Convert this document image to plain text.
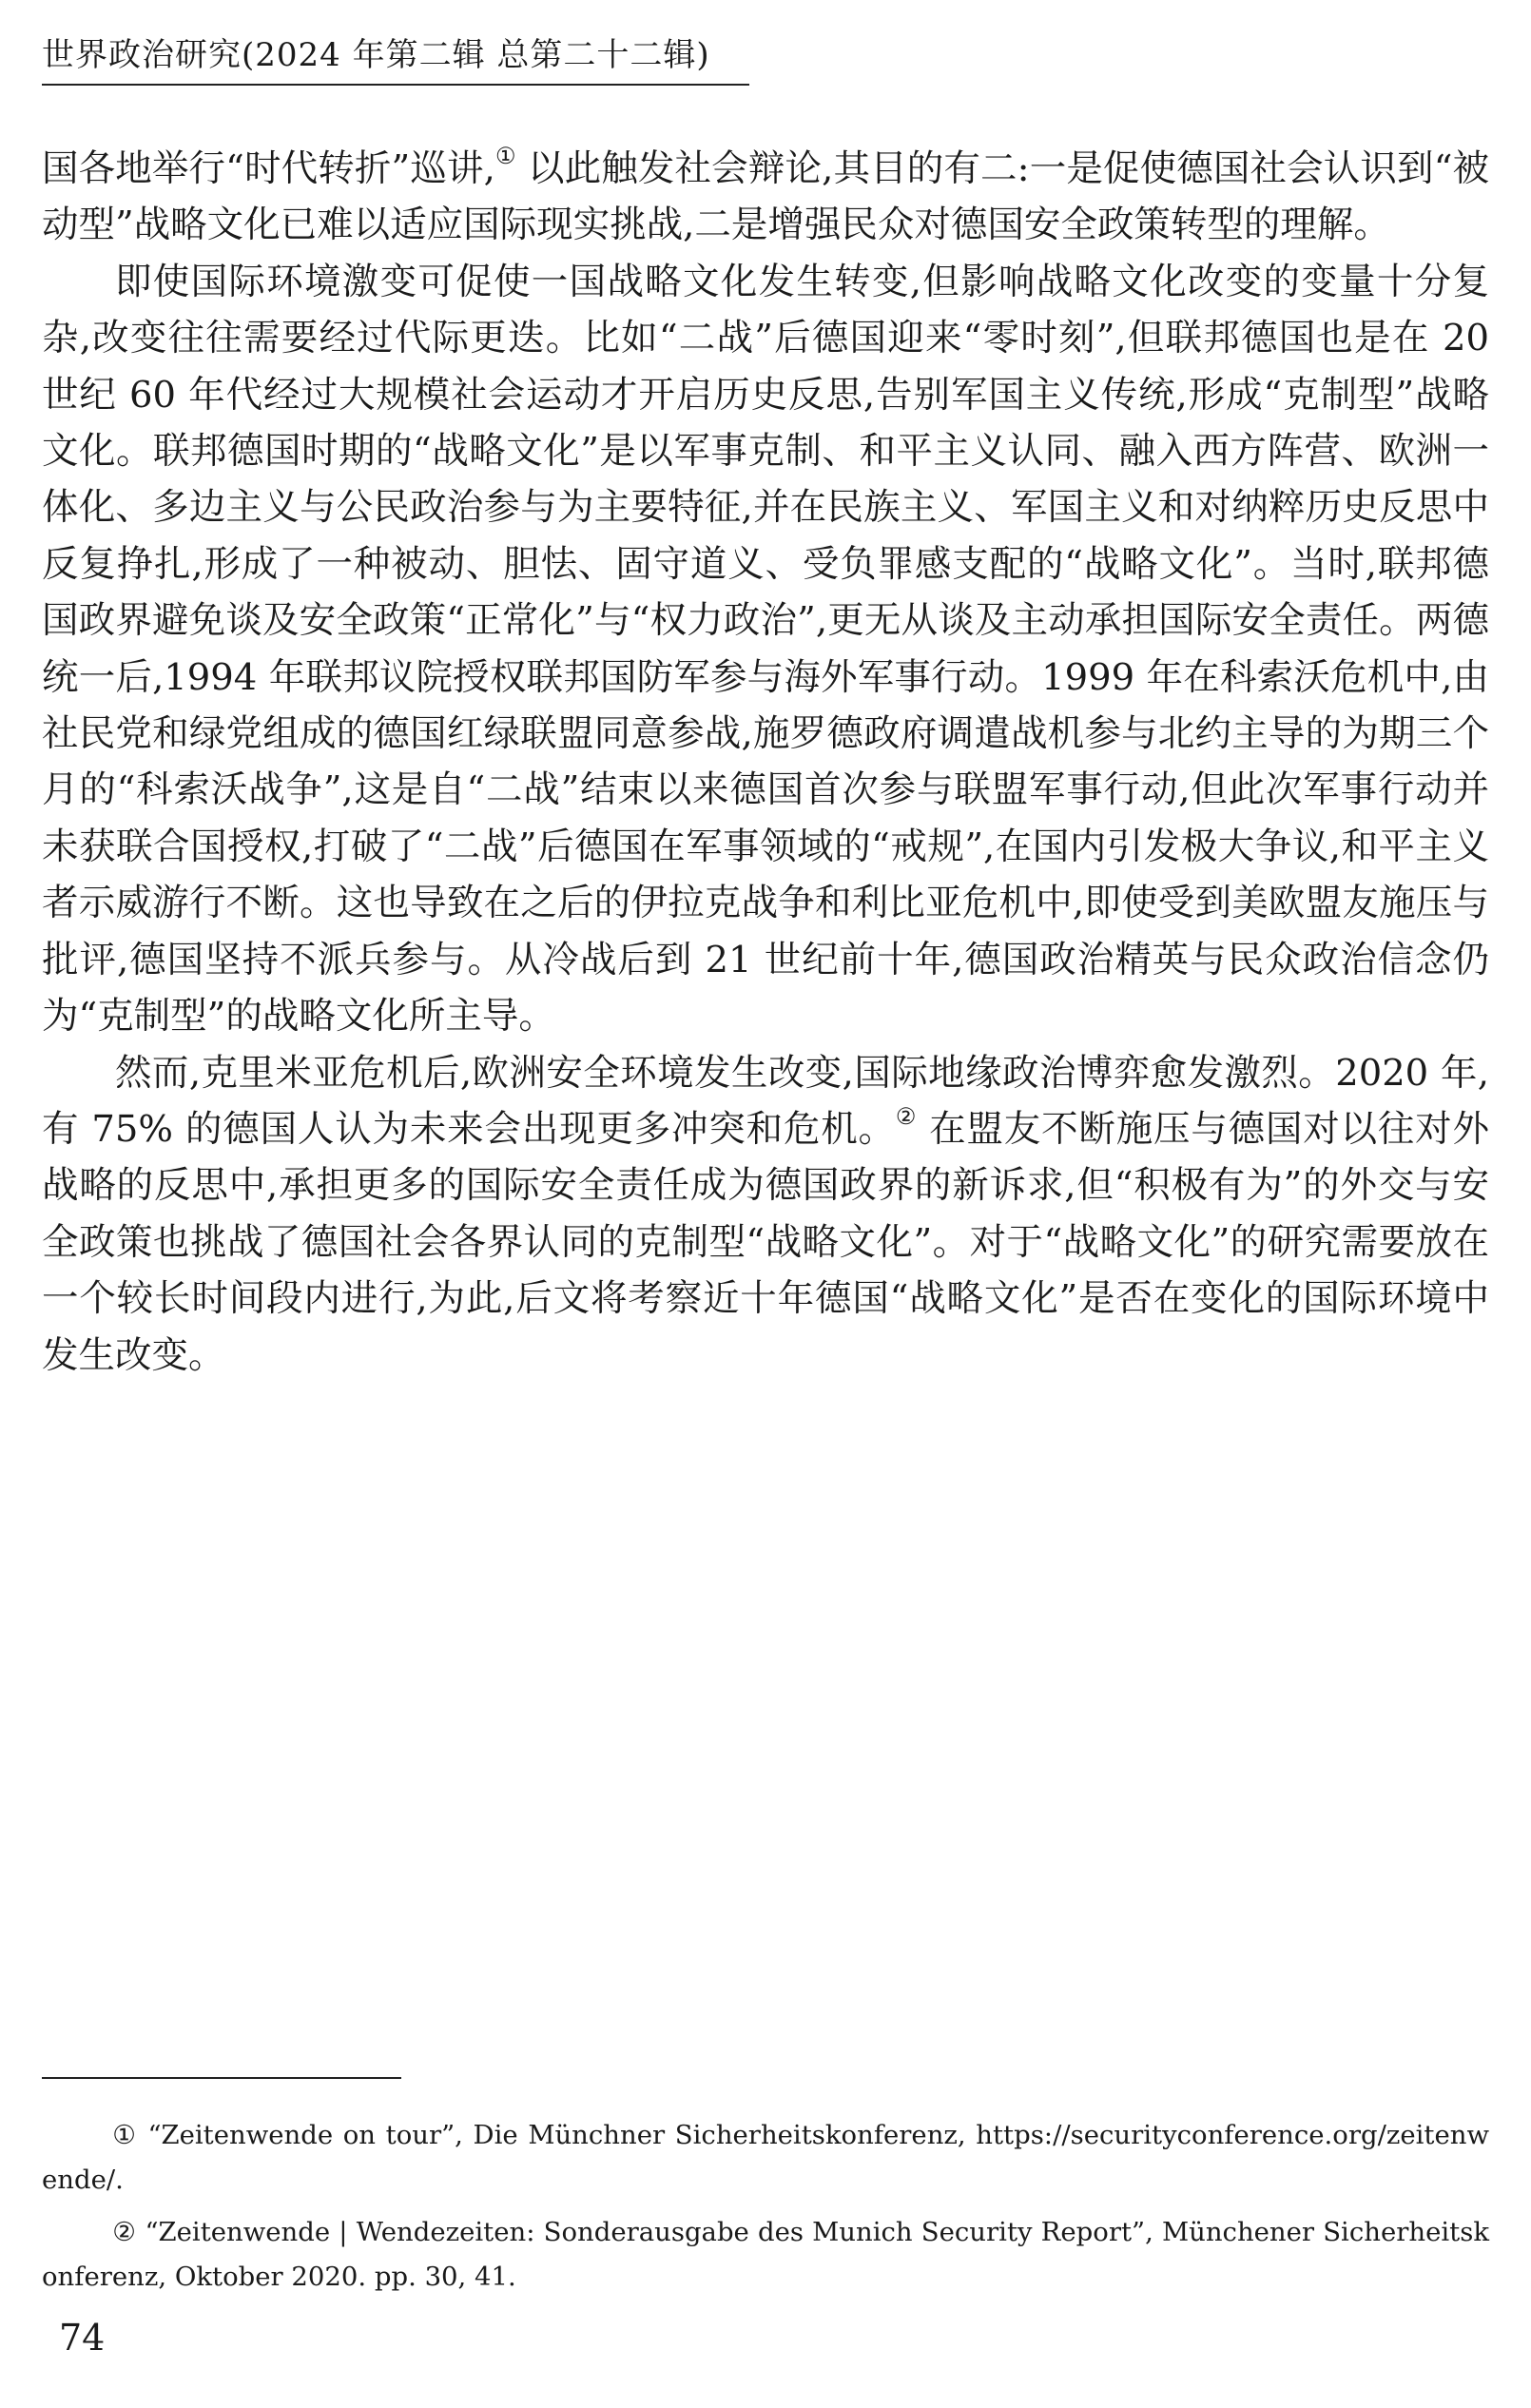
世界政治研究(2024 年第二辑 总第二十二辑)

国各地举行“时代转折”巡讲,① 以此触发社会辩论,其目的有二:一是促使德国社会认识到“被动型”战略文化已难以适应国际现实挑战,二是增强民众对德国安全政策转型的理解。

即使国际环境激变可促使一国战略文化发生转变,但影响战略文化改变的变量十分复杂,改变往往需要经过代际更迭。比如“二战”后德国迎来“零时刻”,但联邦德国也是在 20 世纪 60 年代经过大规模社会运动才开启历史反思,告别军国主义传统,形成“克制型”战略文化。联邦德国时期的“战略文化”是以军事克制、和平主义认同、融入西方阵营、欧洲一体化、多边主义与公民政治参与为主要特征,并在民族主义、军国主义和对纳粹历史反思中反复挣扎,形成了一种被动、胆怯、固守道义、受负罪感支配的“战略文化”。当时,联邦德国政界避免谈及安全政策“正常化”与“权力政治”,更无从谈及主动承担国际安全责任。两德统一后,1994 年联邦议院授权联邦国防军参与海外军事行动。1999 年在科索沃危机中,由社民党和绿党组成的德国红绿联盟同意参战,施罗德政府调遣战机参与北约主导的为期三个月的“科索沃战争”,这是自“二战”结束以来德国首次参与联盟军事行动,但此次军事行动并未获联合国授权,打破了“二战”后德国在军事领域的“戒规”,在国内引发极大争议,和平主义者示威游行不断。这也导致在之后的伊拉克战争和利比亚危机中,即使受到美欧盟友施压与批评,德国坚持不派兵参与。从冷战后到 21 世纪前十年,德国政治精英与民众政治信念仍为“克制型”的战略文化所主导。

然而,克里米亚危机后,欧洲安全环境发生改变,国际地缘政治博弈愈发激烈。2020 年,有 75% 的德国人认为未来会出现更多冲突和危机。② 在盟友不断施压与德国对以往对外战略的反思中,承担更多的国际安全责任成为德国政界的新诉求,但“积极有为”的外交与安全政策也挑战了德国社会各界认同的克制型“战略文化”。对于“战略文化”的研究需要放在一个较长时间段内进行,为此,后文将考察近十年德国“战略文化”是否在变化的国际环境中发生改变。

① “Zeitenwende on tour”, Die Münchner Sicherheitskonferenz, https://securityconference.org/zeitenwende/.

② “Zeitenwende | Wendezeiten: Sonderausgabe des Munich Security Report”, Münchener Sicherheitskonferenz, Oktober 2020. pp. 30, 41.

74
